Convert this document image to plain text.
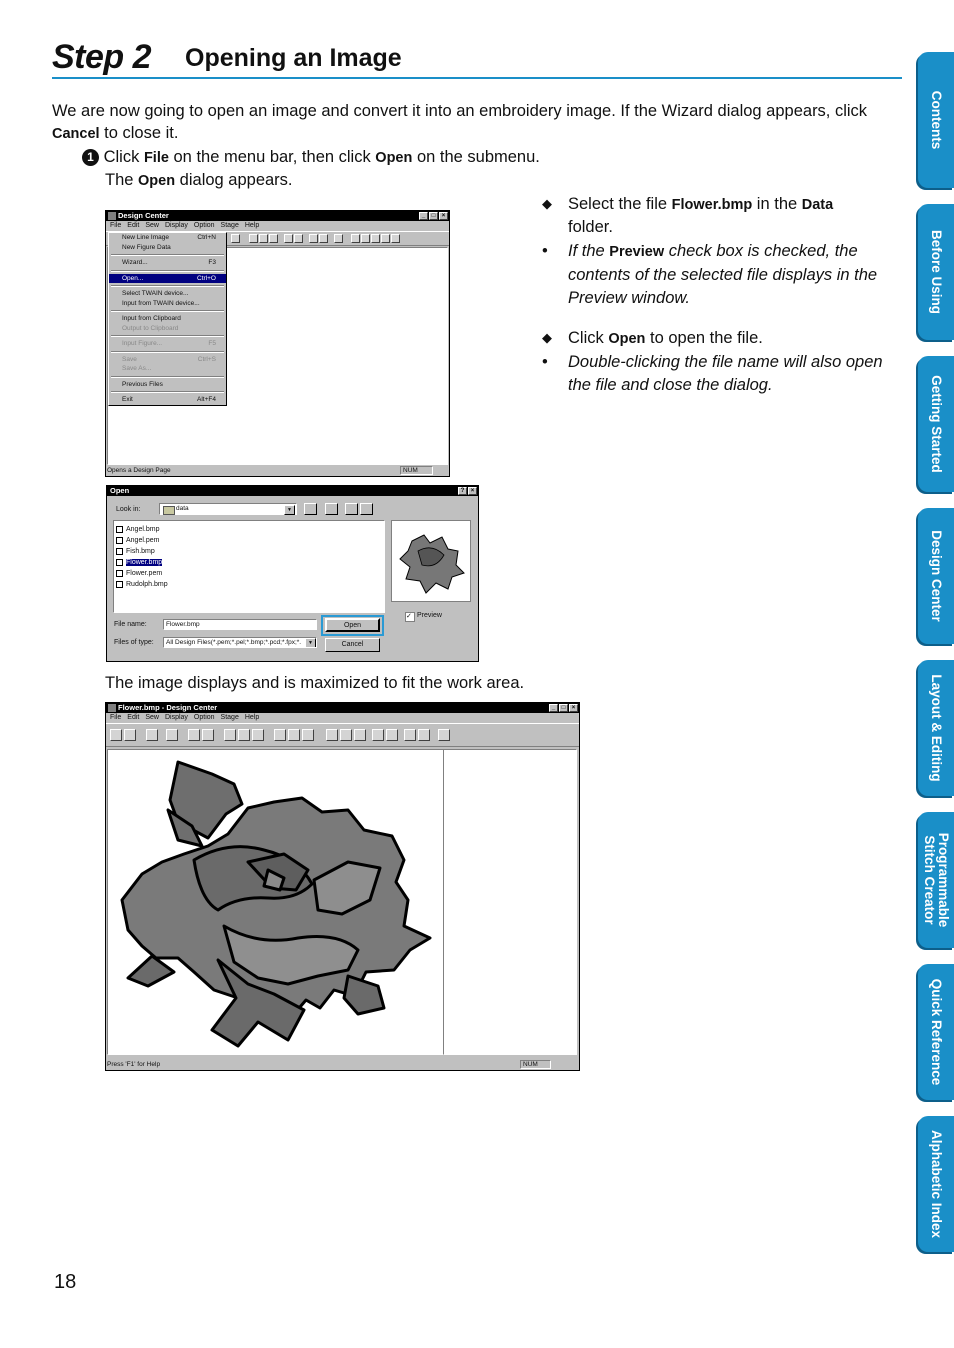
Step 2 Opening an Image
We are now going to open an image and convert it into an embroidery image. If the Wizard dialog appears, click Cancel to close it.
1 Click File on the menu bar, then click Open on the submenu.
The Open dialog appears.
◆ Select the file Flower.bmp in the Data
folder.
•	If the Preview check box is checked, the contents of the selected file displays in the Preview window.
◆ Click Open to open the file.
•	Double-clicking the file name will also open the file and close the dialog.
Design Center	_	□	×
File Edit Sew Display Option Stage Help
Opens a Design Page	NUM
New Line Image	Ctrl+N
New Figure Data
Wizard...	F3
Open...	Ctrl+O
Select TWAIN device...
Input from TWAIN device...
Input from Clipboard
Output to Clipboard
Input Figure...	F5
Save	Ctrl+S
Save As...
Previous Files
Exit	Alt+F4
Open	?	×
Look in:	data	▼
Angel.bmp
Angel.pem
Fish.bmp
Flower.bmp
Flower.pem
Rudolph.bmp
✓ Preview
File name:	Flower.bmp
Files of type:	All Design Files(*.pem;*.pel;*.bmp;*.pcd;*.fpx;*.	▼
Open
Cancel
The image displays and is maximized to fit the work area.
Flower.bmp - Design Center	_	□	×
File Edit Sew Display Option Stage Help
Press 'F1' for Help	NUM
Contents
Before Using
Getting Started
Design Center
Layout & Editing
Programmable Stitch Creator
Quick Reference
Alphabetic Index
18
